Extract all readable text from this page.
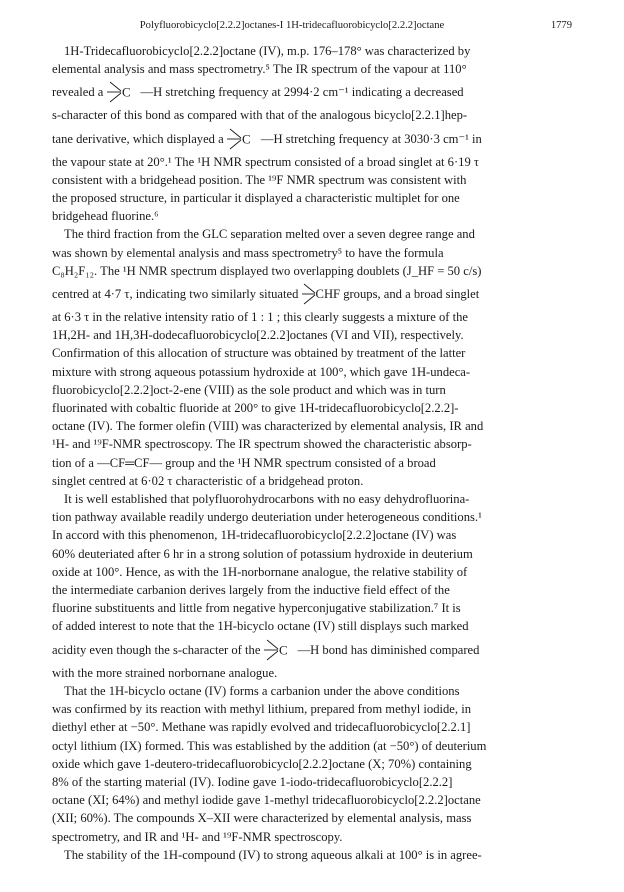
Polyfluorobicyclo[2.2.2]octanes-I 1H-tridecafluorobicyclo[2.2.2]octane	1779

1H-Tridecafluorobicyclo[2.2.2]octane (IV), m.p. 176–178° was characterized by

elemental analysis and mass spectrometry.⁵ The IR spectrum of the vapour at 110°

revealed a C —H stretching frequency at 2994·2 cm⁻¹ indicating a decreased

s-character of this bond as compared with that of the analogous bicyclo[2.2.1]hep-

tane derivative, which displayed a C —H stretching frequency at 3030·3 cm⁻¹ in

the vapour state at 20°.¹ The ¹H NMR spectrum consisted of a broad singlet at 6·19 τ

consistent with a bridgehead position. The ¹⁹F NMR spectrum was consistent with

the proposed structure, in particular it displayed a characteristic multiplet for one

bridgehead fluorine.⁶

The third fraction from the GLC separation melted over a seven degree range and

was shown by elemental analysis and mass spectrometry⁵ to have the formula

C₈H₂F₁₂. The ¹H NMR spectrum displayed two overlapping doublets (J_HF = 50 c/s)

centred at 4·7 τ, indicating two similarly situated CHF groups, and a broad singlet

at 6·3 τ in the relative intensity ratio of 1 : 1 ; this clearly suggests a mixture of the

1H,2H- and 1H,3H-dodecafluorobicyclo[2.2.2]octanes (VI and VII), respectively.

Confirmation of this allocation of structure was obtained by treatment of the latter

mixture with strong aqueous potassium hydroxide at 100°, which gave 1H-undeca-

fluorobicyclo[2.2.2]oct-2-ene (VIII) as the sole product and which was in turn

fluorinated with cobaltic fluoride at 200° to give 1H-tridecafluorobicyclo[2.2.2]-

octane (IV). The former olefin (VIII) was characterized by elemental analysis, IR and

¹H- and ¹⁹F-NMR spectroscopy. The IR spectrum showed the characteristic absorp-

tion of a —CF═CF— group and the ¹H NMR spectrum consisted of a broad

singlet centred at 6·02 τ characteristic of a bridgehead proton.

It is well established that polyfluorohydrocarbons with no easy dehydrofluorina-

tion pathway available readily undergo deuteriation under heterogeneous conditions.¹

In accord with this phenomenon, 1H-tridecafluorobicyclo[2.2.2]octane (IV) was

60% deuteriated after 6 hr in a strong solution of potassium hydroxide in deuterium

oxide at 100°. Hence, as with the 1H-norbornane analogue, the relative stability of

the intermediate carbanion derives largely from the inductive field effect of the

fluorine substituents and little from negative hyperconjugative stabilization.⁷ It is

of added interest to note that the 1H-bicyclo octane (IV) still displays such marked

acidity even though the s-character of the C —H bond has diminished compared

with the more strained norbornane analogue.

That the 1H-bicyclo octane (IV) forms a carbanion under the above conditions

was confirmed by its reaction with methyl lithium, prepared from methyl iodide, in

diethyl ether at −50°. Methane was rapidly evolved and tridecafluorobicyclo[2.2.1]

octyl lithium (IX) formed. This was established by the addition (at −50°) of deuterium

oxide which gave 1-deutero-tridecafluorobicyclo[2.2.2]octane (X; 70%) containing

8% of the starting material (IV). Iodine gave 1-iodo-tridecafluorobicyclo[2.2.2]

octane (XI; 64%) and methyl iodide gave 1-methyl tridecafluorobicyclo[2.2.2]octane

(XII; 60%). The compounds X–XII were characterized by elemental analysis, mass

spectrometry, and IR and ¹H- and ¹⁹F-NMR spectroscopy.

The stability of the 1H-compound (IV) to strong aqueous alkali at 100° is in agree-
